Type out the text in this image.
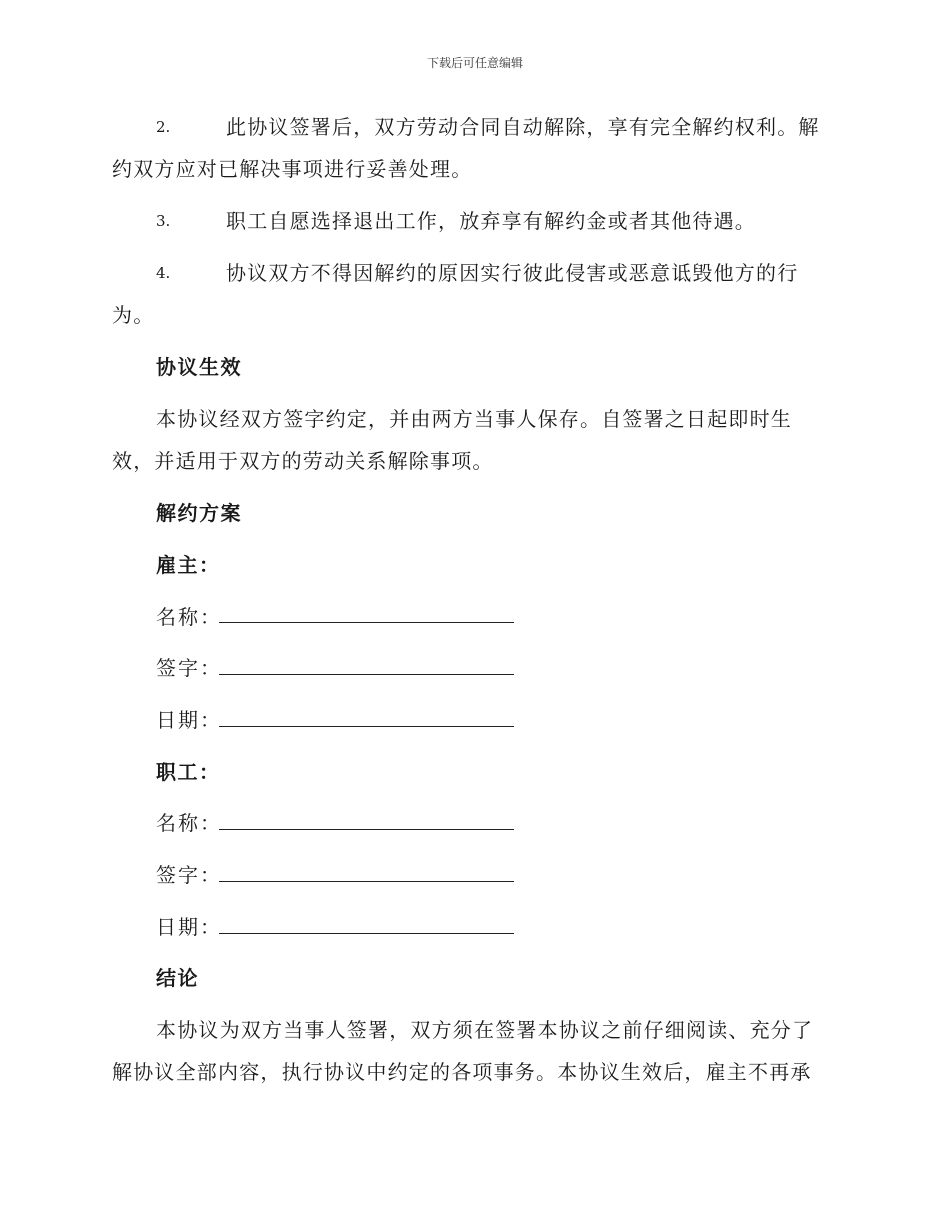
下载后可任意编辑
2.	此协议签署后，双方劳动合同自动解除，享有完全解约权利。解
约双方应对已解决事项进行妥善处理。
3.	职工自愿选择退出工作，放弃享有解约金或者其他待遇。
4.	协议双方不得因解约的原因实行彼此侵害或恶意诋毁他方的行
为。
协议生效
本协议经双方签字约定，并由两方当事人保存。自签署之日起即时生
效，并适用于双方的劳动关系解除事项。
解约方案
雇主：
名称：
签字：
日期：
职工：
名称：
签字：
日期：
结论
本协议为双方当事人签署，双方须在签署本协议之前仔细阅读、充分了
解协议全部内容，执行协议中约定的各项事务。本协议生效后，雇主不再承
